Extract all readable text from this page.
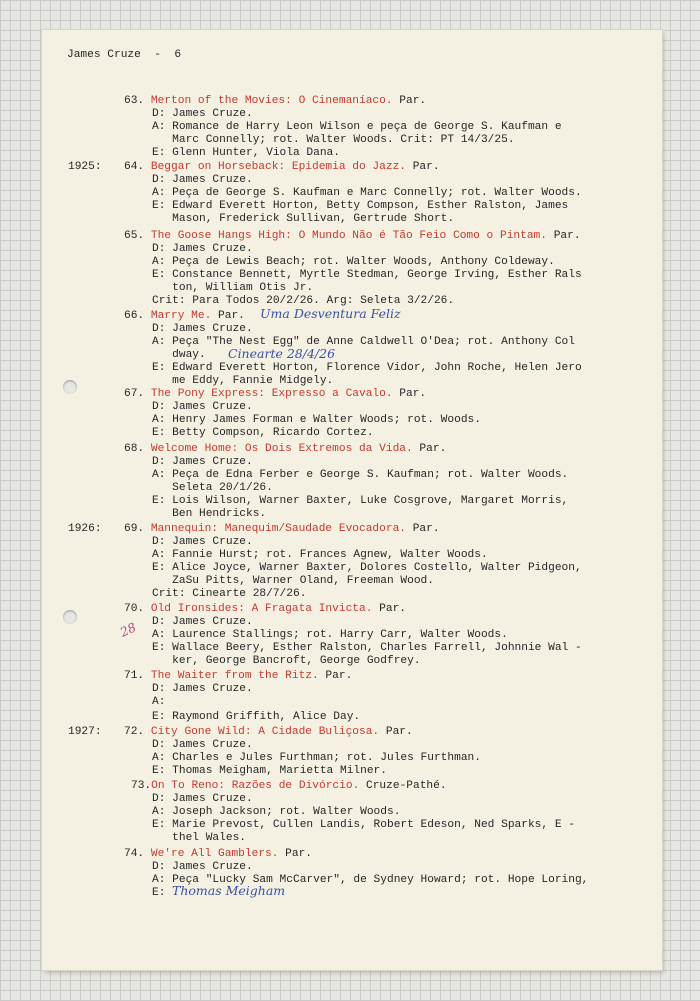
James Cruze  -  6
63. Merton of the Movies: O Cinemaníaco. Par.
D: James Cruze.
A: Romance de Harry Leon Wilson e peça de George S. Kaufman e
Marc Connelly; rot. Walter Woods. Crit: PT 14/3/25.
E: Glenn Hunter, Viola Dana.
1925: 64. Beggar on Horseback: Epidemia do Jazz. Par.
D: James Cruze.
A: Peça de George S. Kaufman e Marc Connelly; rot. Walter Woods.
E: Edward Everett Horton, Betty Compson, Esther Ralston, James
Mason, Frederick Sullivan, Gertrude Short.
65. The Goose Hangs High: O Mundo Não é Tão Feio Como o Pintam. Par.
D: James Cruze.
A: Peça de Lewis Beach; rot. Walter Woods, Anthony Coldeway.
E: Constance Bennett, Myrtle Stedman, George Irving, Esther Rals
ton, William Otis Jr.
Crit: Para Todos 20/2/26. Arg: Seleta 3/2/26.
66. Marry Me. Par. Uma Desventura Feliz
D: James Cruze.
A: Peça "The Nest Egg" de Anne Caldwell O'Dea; rot. Anthony Col
dway. Cinearte 28/4/26
E: Edward Everett Horton, Florence Vidor, John Roche, Helen Jero
me Eddy, Fannie Midgely.
67. The Pony Express: Expresso a Cavalo. Par.
D: James Cruze.
A: Henry James Forman e Walter Woods; rot. Woods.
E: Betty Compson, Ricardo Cortez.
68. Welcome Home: Os Dois Extremos da Vida. Par.
D: James Cruze.
A: Peça de Edna Ferber e George S. Kaufman; rot. Walter Woods.
Seleta 20/1/26.
E: Lois Wilson, Warner Baxter, Luke Cosgrove, Margaret Morris,
Ben Hendricks.
1926: 69. Mannequin: Manequim/Saudade Evocadora. Par.
D: James Cruze.
A: Fannie Hurst; rot. Frances Agnew, Walter Woods.
E: Alice Joyce, Warner Baxter, Dolores Costello, Walter Pidgeon,
ZaSu Pitts, Warner Oland, Freeman Wood.
Crit: Cinearte 28/7/26.
70. Old Ironsides: A Fragata Invicta. Par.
28 D: James Cruze.
A: Laurence Stallings; rot. Harry Carr, Walter Woods.
E: Wallace Beery, Esther Ralston, Charles Farrell, Johnnie Wal -
ker, George Bancroft, George Godfrey.
71. The Waiter from the Ritz. Par.
D: James Cruze.
A:
E: Raymond Griffith, Alice Day.
1927: 72. City Gone Wild: A Cidade Buliçosa. Par.
D: James Cruze.
A: Charles e Jules Furthman; rot. Jules Furthman.
E: Thomas Meigham, Marietta Milner.
73.On To Reno: Razões de Divórcio. Cruze-Pathé.
D: James Cruze.
A: Joseph Jackson; rot. Walter Woods.
E: Marie Prevost, Cullen Landis, Robert Edeson, Ned Sparks, E -
thel Wales.
74. We're All Gamblers. Par.
D: James Cruze.
A: Peça "Lucky Sam McCarver", de Sydney Howard; rot. Hope Loring,
E: Thomas Meigham
